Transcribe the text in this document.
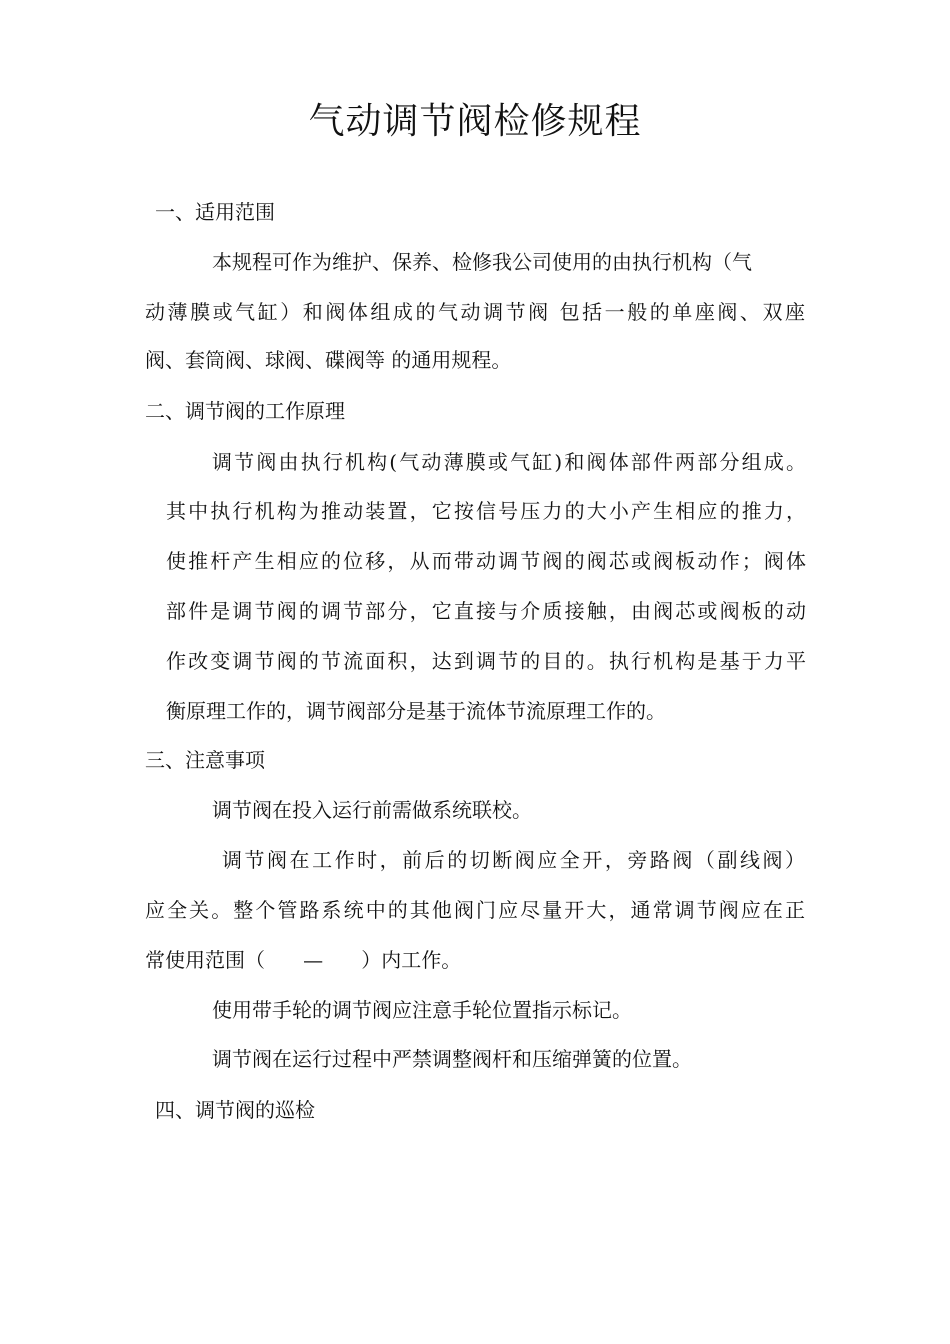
气动调节阀检修规程
一、适用范围
本规程可作为维护、保养、检修我公司使用的由执行机构（气
动薄膜或气缸）和阀体组成的气动调节阀 包括一般的单座阀、双座
阀、套筒阀、球阀、碟阀等 的通用规程。
二、调节阀的工作原理
调节阀由执行机构(气动薄膜或气缸)和阀体部件两部分组成。
其中执行机构为推动装置，它按信号压力的大小产生相应的推力，
使推杆产生相应的位移，从而带动调节阀的阀芯或阀板动作；阀体
部件是调节阀的调节部分，它直接与介质接触，由阀芯或阀板的动
作改变调节阀的节流面积，达到调节的目的。执行机构是基于力平
衡原理工作的，调节阀部分是基于流体节流原理工作的。
三、注意事项
调节阀在投入运行前需做系统联校。
调节阀在工作时，前后的切断阀应全开，旁路阀（副线阀）
应全关。整个管路系统中的其他阀门应尽量开大，通常调节阀应在正
常使用范围（      —      ）内工作。
使用带手轮的调节阀应注意手轮位置指示标记。
调节阀在运行过程中严禁调整阀杆和压缩弹簧的位置。
四、调节阀的巡检
